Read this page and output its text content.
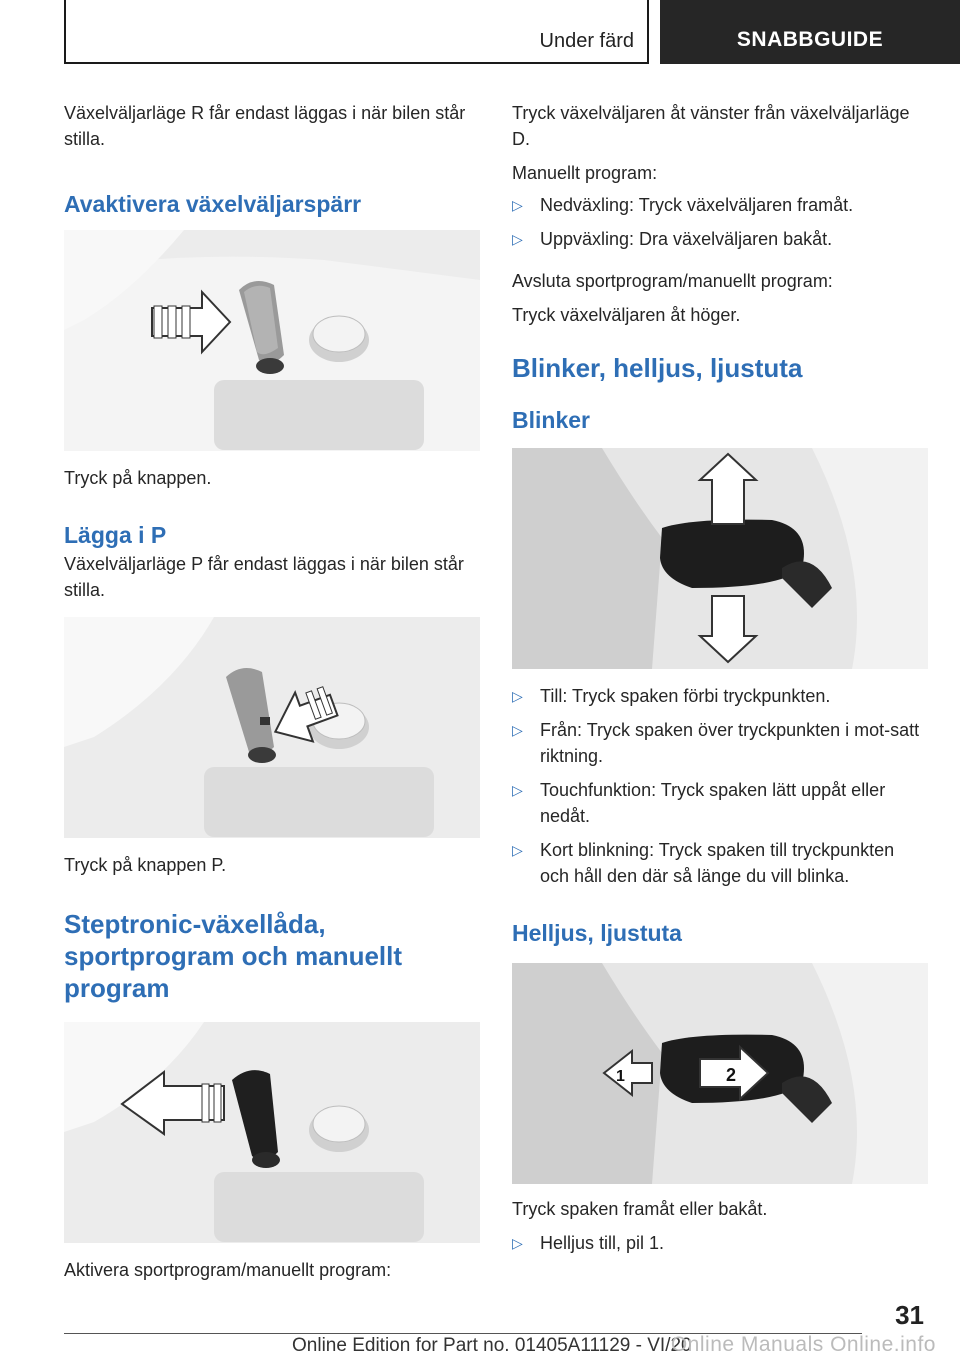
Under färd	SNABBGUIDE

Växelväljarläge R får endast läggas i när bilen står stilla.

Avaktivera växelväljarspärr

Tryck på knappen.

Lägga i P

Växelväljarläge P får endast läggas i när bilen står stilla.

Tryck på knappen P.

Steptronic-växellåda, sportprogram och manuellt program

Aktivera sportprogram/manuellt program:

Tryck växelväljaren åt vänster från växelväljarläge D.

Manuellt program:

▷ Nedväxling: Tryck växelväljaren framåt.
▷ Uppväxling: Dra växelväljaren bakåt.

Avsluta sportprogram/manuellt program:

Tryck växelväljaren åt höger.

Blinker, helljus, ljustuta
Blinker
▷ Till: Tryck spaken förbi tryckpunkten.
▷ Från: Tryck spaken över tryckpunkten i mot-satt riktning.
▷ Touchfunktion: Tryck spaken lätt uppåt eller nedåt.
▷ Kort blinkning: Tryck spaken till tryckpunkten och håll den där så länge du vill blinka.
Helljus, ljustuta
1	2

Tryck spaken framåt eller bakåt.

▷ Helljus till, pil 1.
31
Online Edition for Part no. 01405A11129 - VI/20
Online Manuals Online.info
